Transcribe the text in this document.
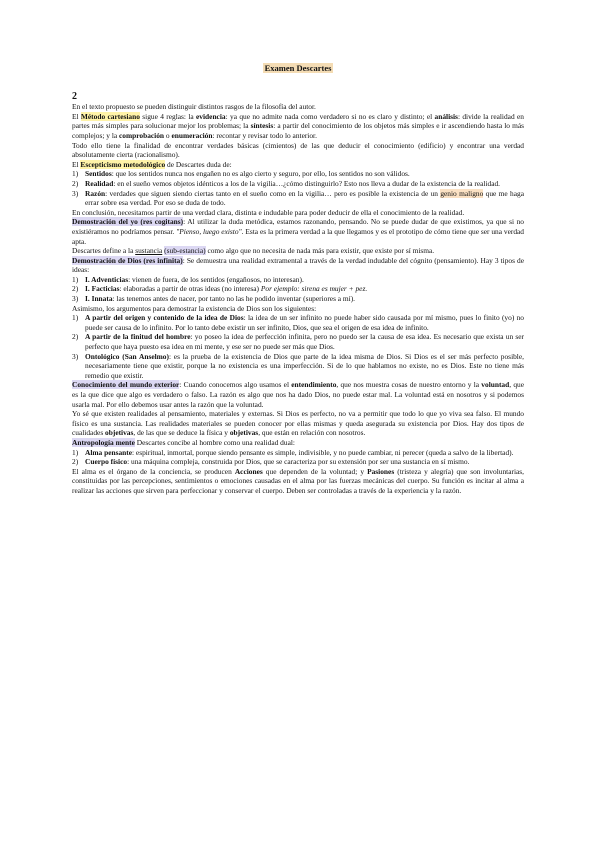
Examen Descartes
2

En el texto propuesto se pueden distinguir distintos rasgos de la filosofía del autor.

El Método cartesiano sigue 4 reglas: la evidencia: ya que no admite nada como verdadero si no es claro y distinto; el análisis: divide la realidad en partes más simples para solucionar mejor los problemas; la síntesis: a partir del conocimiento de los objetos más simples e ir ascendiendo hasta lo más complejos; y la comprobación o enumeración: recontar y revisar todo lo anterior.

Todo ello tiene la finalidad de encontrar verdades básicas (cimientos) de las que deducir el conocimiento (edificio) y encontrar una verdad absolutamente cierta (racionalismo).

El Escepticismo metodológico de Descartes duda de:

1) Sentidos: que los sentidos nunca nos engañen no es algo cierto y seguro, por ello, los sentidos no son válidos.
2) Realidad: en el sueño vemos objetos idénticos a los de la vigilia…¿cómo distinguirlo? Esto nos lleva a dudar de la existencia de la realidad.
3) Razón: verdades que siguen siendo ciertas tanto en el sueño como en la vigilia… pero es posible la existencia de un genio maligno que me haga errar sobre esa verdad. Por eso se duda de todo.

En conclusión, necesitamos partir de una verdad clara, distinta e indudable para poder deducir de ella el conocimiento de la realidad.

Demostración del yo (res cogitans): Al utilizar la duda metódica, estamos razonando, pensando. No se puede dudar de que existimos, ya que si no existiéramos no podríamos pensar. "Pienso, luego existo". Esta es la primera verdad a la que llegamos y es el prototipo de cómo tiene que ser una verdad apta.

Descartes define a la sustancia (sub-estancia) como algo que no necesita de nada más para existir, que existe por sí misma.

Demostración de Dios (res infinita): Se demuestra una realidad extramental a través de la verdad indudable del cógnito (pensamiento). Hay 3 tipos de ideas:

1) I. Adventicias: vienen de fuera, de los sentidos (engañosos, no interesan).
2) I. Facticias: elaboradas a partir de otras ideas (no interesa) Por ejemplo: sirena es mujer + pez.
3) I. Innata: las tenemos antes de nacer, por tanto no las he podido inventar (superiores a mí).

Asimismo, los argumentos para demostrar la existencia de Dios son los siguientes:

1) A partir del origen y contenido de la idea de Dios: la idea de un ser infinito no puede haber sido causada por mí mismo, pues lo finito (yo) no puede ser causa de lo infinito. Por lo tanto debe existir un ser infinito, Dios, que sea el origen de esa idea de infinito.
2) A partir de la finitud del hombre: yo poseo la idea de perfección infinita, pero no puedo ser la causa de esa idea. Es necesario que exista un ser perfecto que haya puesto esa idea en mi mente, y ese ser no puede ser más que Dios.
3) Ontológico (San Anselmo): es la prueba de la existencia de Dios que parte de la idea misma de Dios. Si Dios es el ser más perfecto posible, necesariamente tiene que existir, porque la no existencia es una imperfección. Si de lo que hablamos no existe, no es Dios. Este no tiene más remedio que existir.

Conocimiento del mundo exterior: Cuando conocemos algo usamos el entendimiento, que nos muestra cosas de nuestro entorno y la voluntad, que es la que dice que algo es verdadero o falso. La razón es algo que nos ha dado Dios, no puede estar mal. La voluntad está en nosotros y si podemos usarla mal. Por ello debemos usar antes la razón que la voluntad.

Yo sé que existen realidades al pensamiento, materiales y externas. Si Dios es perfecto, no va a permitir que todo lo que yo viva sea falso. El mundo físico es una sustancia. Las realidades materiales se pueden conocer por ellas mismas y queda asegurada su existencia por Dios. Hay dos tipos de cualidades objetivas, de las que se deduce la física y objetivas, que están en relación con nosotros.

Antropología mente Descartes concibe al hombre como una realidad dual:

1) Alma pensante: espiritual, inmortal, porque siendo pensante es simple, indivisible, y no puede cambiar, ni perecer (queda a salvo de la libertad).
2) Cuerpo físico: una máquina compleja, construida por Dios, que se caracteriza por su extensión por ser una sustancia en sí mismo.

El alma es el órgano de la conciencia, se producen Acciones que dependen de la voluntad; y Pasiones (tristeza y alegría) que son involuntarias, constituidas por las percepciones, sentimientos o emociones causadas en el alma por las fuerzas mecánicas del cuerpo. Su función es incitar al alma a realizar las acciones que sirven para perfeccionar y conservar el cuerpo. Deben ser controladas a través de la experiencia y la razón.
